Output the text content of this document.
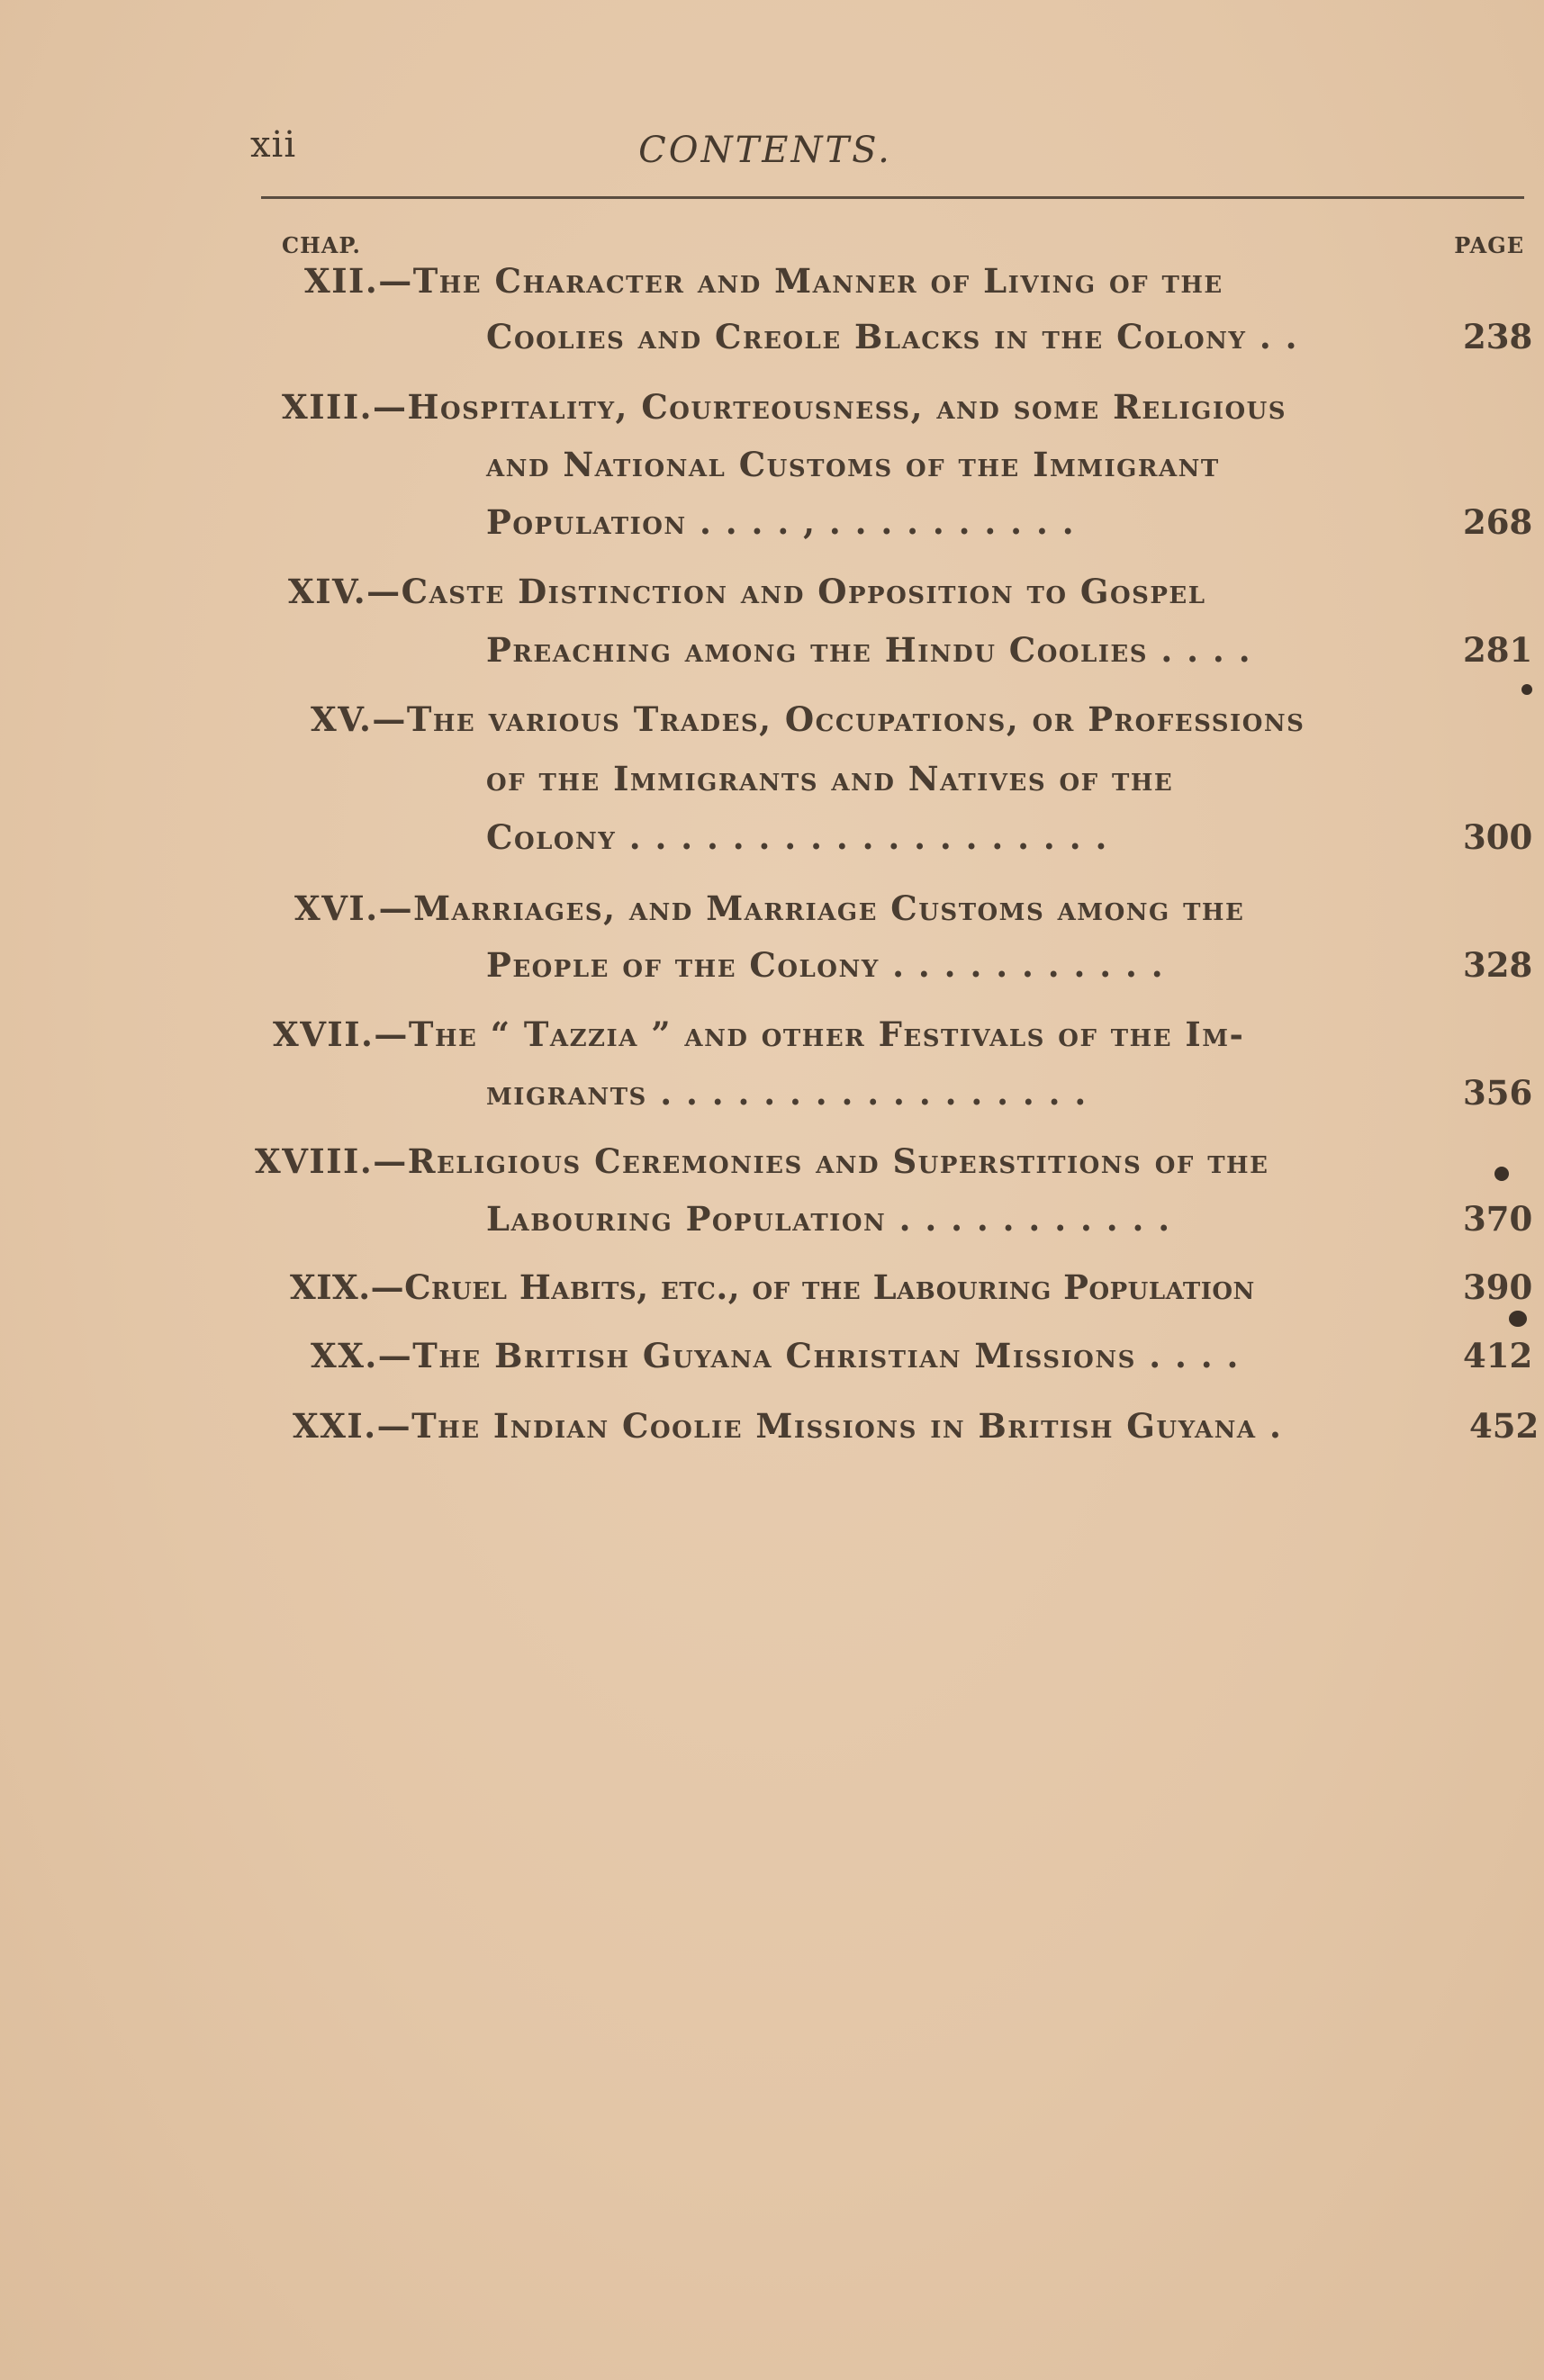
xii	CONTENTS.
CHAP.	PAGE
XII.—The Character and Manner of Living of the
Coolies and Creole Blacks in the Colony . .	238
XIII.—Hospitality, Courteousness, and some Religious
and National Customs of the Immigrant
Population . . . . , . . . . . . . . . .	268
XIV.—Caste Distinction and Opposition to Gospel
Preaching among the Hindu Coolies . . . .	281
XV.—The various Trades, Occupations, or Professions
of the Immigrants and Natives of the
Colony . . . . . . . . . . . . . . . . . . .	300
XVI.—Marriages, and Marriage Customs among the
People of the Colony . . . . . . . . . . .	328
XVII.—The “ Tazzia ” and other Festivals of the Im-
migrants . . . . . . . . . . . . . . . . .	356
XVIII.—Religious Ceremonies and Superstitions of the
Labouring Population . . . . . . . . . . .	370
XIX.—Cruel Habits, etc., of the Labouring Population	390
XX.—The British Guyana Christian Missions . . . .	412
XXI.—The Indian Coolie Missions in British Guyana .	452
